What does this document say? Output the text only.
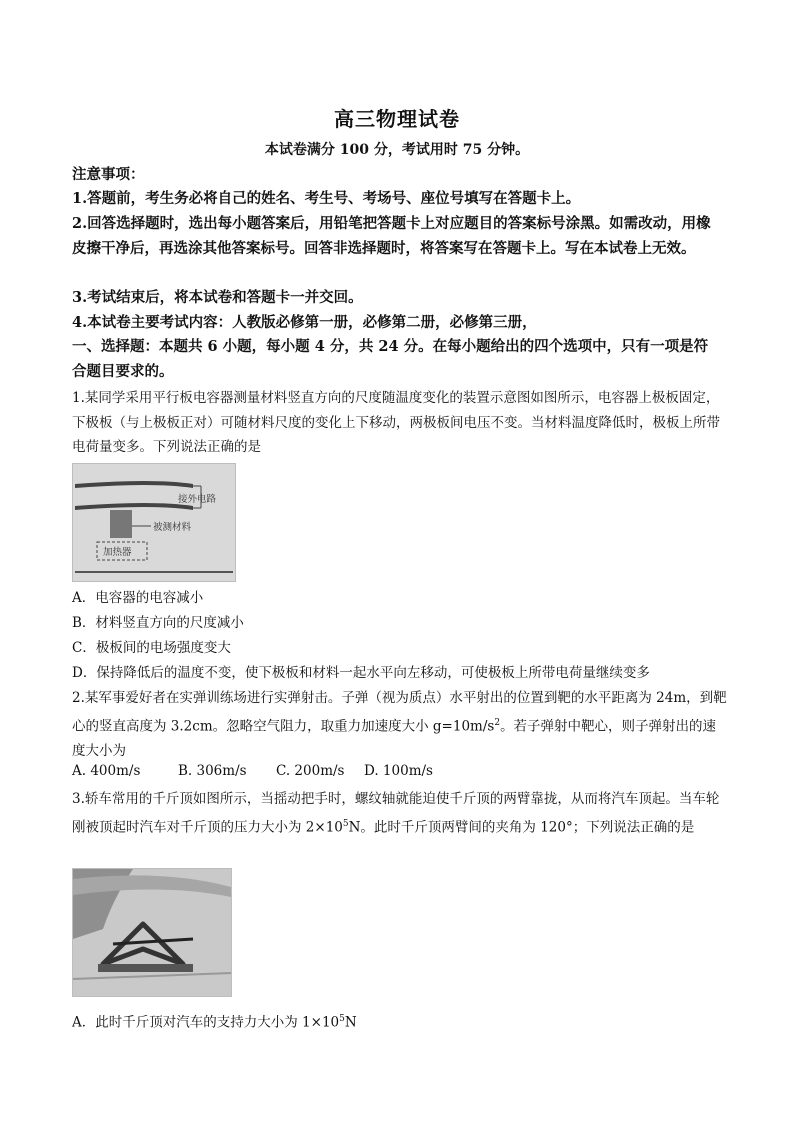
高三物理试卷
本试卷满分 100 分，考试用时 75 分钟。
注意事项：
1.答题前，考生务必将自己的姓名、考生号、考场号、座位号填写在答题卡上。
2.回答选择题时，选出每小题答案后，用铅笔把答题卡上对应题目的答案标号涂黑。如需改动，用橡皮擦干净后，再选涂其他答案标号。回答非选择题时，将答案写在答题卡上。写在本试卷上无效。
3.考试结束后，将本试卷和答题卡一并交回。
4.本试卷主要考试内容：人教版必修第一册，必修第二册，必修第三册，
一、选择题：本题共 6 小题，每小题 4 分，共 24 分。在每小题给出的四个选项中，只有一项是符合题目要求的。
1.某同学采用平行板电容器测量材料竖直方向的尺度随温度变化的装置示意图如图所示，电容器上极板固定，下极板（与上极板正对）可随材料尺度的变化上下移动，两极板间电压不变。当材料温度降低时，极板上所带电荷量变多。下列说法正确的是
接外电路
被测材料
加热器
A．电容器的电容减小
B．材料竖直方向的尺度减小
C．极板间的电场强度变大
D．保持降低后的温度不变，使下极板和材料一起水平向左移动，可使极板上所带电荷量继续变多
2.某军事爱好者在实弹训练场进行实弹射击。子弹（视为质点）水平射出的位置到靶的水平距离为 24m，到靶心的竖直高度为 3.2cm。忽略空气阻力，取重力加速度大小 $g=10m/s^2$。若子弹射中靶心，则子弹射出的速度大小为
A. 400m/s	B. 306m/s C. 200m/s D. 100m/s
3.轿车常用的千斤顶如图所示，当摇动把手时，螺纹轴就能迫使千斤顶的两臂靠拢，从而将汽车顶起。当车轮刚被顶起时汽车对千斤顶的压力大小为 $2\times 10^5N$。此时千斤顶两臂间的夹角为 120°；下列说法正确的是
A．此时千斤顶对汽车的支持力大小为 $1\times 10^5N$
